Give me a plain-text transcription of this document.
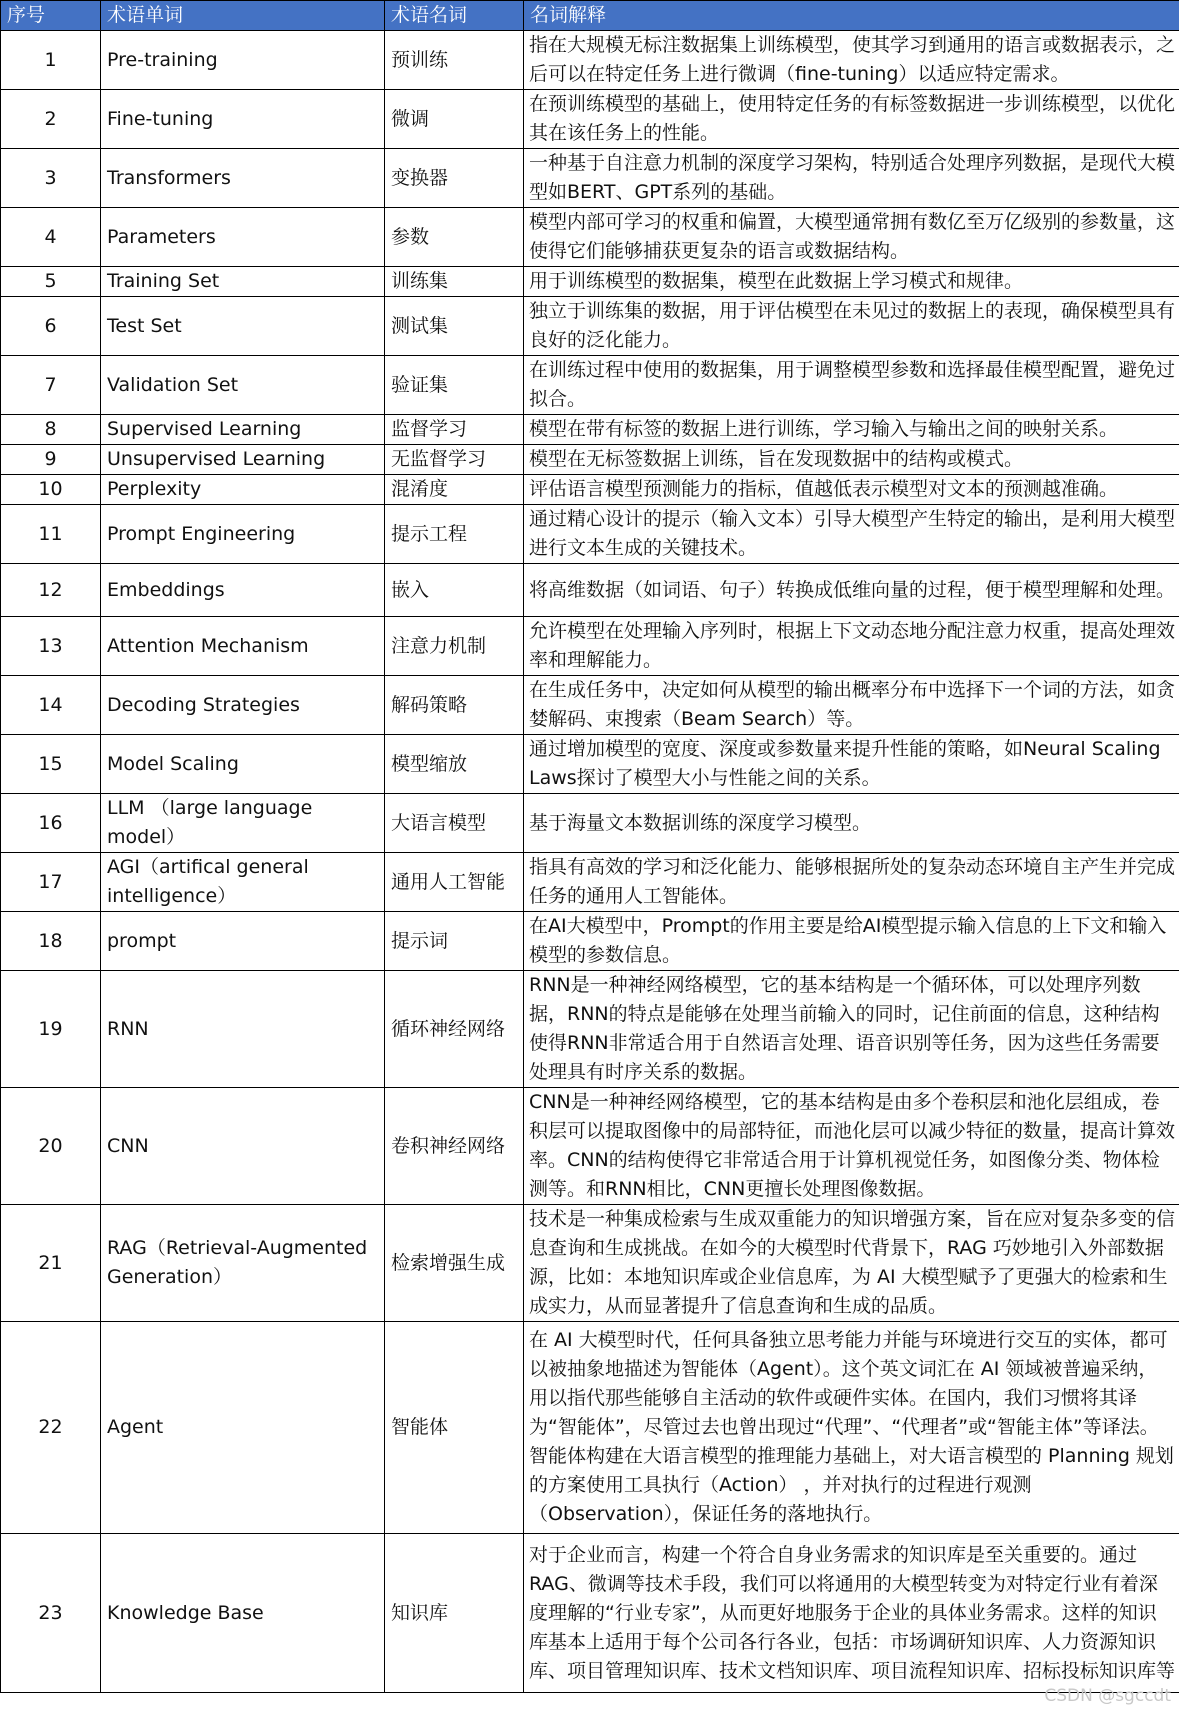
序号	术语单词	术语名词	名词解释
1	Pre-training	预训练	指在大规模无标注数据集上训练模型，使其学习到通用的语言或数据表示，之后可以在特定任务上进行微调（fine-tuning）以适应特定需求。
2	Fine-tuning	微调	在预训练模型的基础上，使用特定任务的有标签数据进一步训练模型，以优化其在该任务上的性能。
3	Transformers	变换器	一种基于自注意力机制的深度学习架构，特别适合处理序列数据，是现代大模型如BERT、GPT系列的基础。
4	Parameters	参数	模型内部可学习的权重和偏置，大模型通常拥有数亿至万亿级别的参数量，这使得它们能够捕获更复杂的语言或数据结构。
5	Training Set	训练集	用于训练模型的数据集，模型在此数据上学习模式和规律。
6	Test Set	测试集	独立于训练集的数据，用于评估模型在未见过的数据上的表现，确保模型具有良好的泛化能力。
7	Validation Set	验证集	在训练过程中使用的数据集，用于调整模型参数和选择最佳模型配置，避免过拟合。
8	Supervised Learning	监督学习	模型在带有标签的数据上进行训练，学习输入与输出之间的映射关系。
9	Unsupervised Learning	无监督学习	模型在无标签数据上训练，旨在发现数据中的结构或模式。
10	Perplexity	混淆度	评估语言模型预测能力的指标，值越低表示模型对文本的预测越准确。
11	Prompt Engineering	提示工程	通过精心设计的提示（输入文本）引导大模型产生特定的输出，是利用大模型进行文本生成的关键技术。
12	Embeddings	嵌入	将高维数据（如词语、句子）转换成低维向量的过程，便于模型理解和处理。
13	Attention Mechanism	注意力机制	允许模型在处理输入序列时，根据上下文动态地分配注意力权重，提高处理效率和理解能力。
14	Decoding Strategies	解码策略	在生成任务中，决定如何从模型的输出概率分布中选择下一个词的方法，如贪婪解码、束搜索（Beam Search）等。
15	Model Scaling	模型缩放	通过增加模型的宽度、深度或参数量来提升性能的策略，如Neural Scaling Laws探讨了模型大小与性能之间的关系。
16	LLM （large language model）	大语言模型	基于海量文本数据训练的深度学习模型。
17	AGI（artifical general intelligence）	通用人工智能	指具有高效的学习和泛化能力、能够根据所处的复杂动态环境自主产生并完成任务的通用人工智能体。
18	prompt	提示词	在AI大模型中，Prompt的作用主要是给AI模型提示输入信息的上下文和输入模型的参数信息。
19	RNN	循环神经网络	RNN是一种神经网络模型，它的基本结构是一个循环体，可以处理序列数据，RNN的特点是能够在处理当前输入的同时，记住前面的信息，这种结构使得RNN非常适合用于自然语言处理、语音识别等任务，因为这些任务需要处理具有时序关系的数据。
20	CNN	卷积神经网络	CNN是一种神经网络模型，它的基本结构是由多个卷积层和池化层组成，卷积层可以提取图像中的局部特征，而池化层可以减少特征的数量，提高计算效率。CNN的结构使得它非常适合用于计算机视觉任务，如图像分类、物体检测等。和RNN相比，CNN更擅长处理图像数据。
21	RAG（Retrieval-Augmented Generation）	检索增强生成	技术是一种集成检索与生成双重能力的知识增强方案，旨在应对复杂多变的信息查询和生成挑战。在如今的大模型时代背景下，RAG 巧妙地引入外部数据源，比如：本地知识库或企业信息库，为 AI 大模型赋予了更强大的检索和生成实力，从而显著提升了信息查询和生成的品质。
22	Agent	智能体	在 AI 大模型时代，任何具备独立思考能力并能与环境进行交互的实体，都可以被抽象地描述为智能体（Agent）。这个英文词汇在 AI 领域被普遍采纳，用以指代那些能够自主活动的软件或硬件实体。在国内，我们习惯将其译为“智能体”，尽管过去也曾出现过“代理”、“代理者”或“智能主体”等译法。
智能体构建在大语言模型的推理能力基础上，对大语言模型的 Planning 规划的方案使用工具执行（Action） ，并对执行的过程进行观测（Observation），保证任务的落地执行。

23	Knowledge Base	知识库	对于企业而言，构建一个符合自身业务需求的知识库是至关重要的。通过RAG、微调等技术手段，我们可以将通用的大模型转变为对特定行业有着深度理解的“行业专家”，从而更好地服务于企业的具体业务需求。这样的知识库基本上适用于每个公司各行各业，包括：市场调研知识库、人力资源知识库、项目管理知识库、技术文档知识库、项目流程知识库、招标投标知识库等
CSDN @sgccdt
